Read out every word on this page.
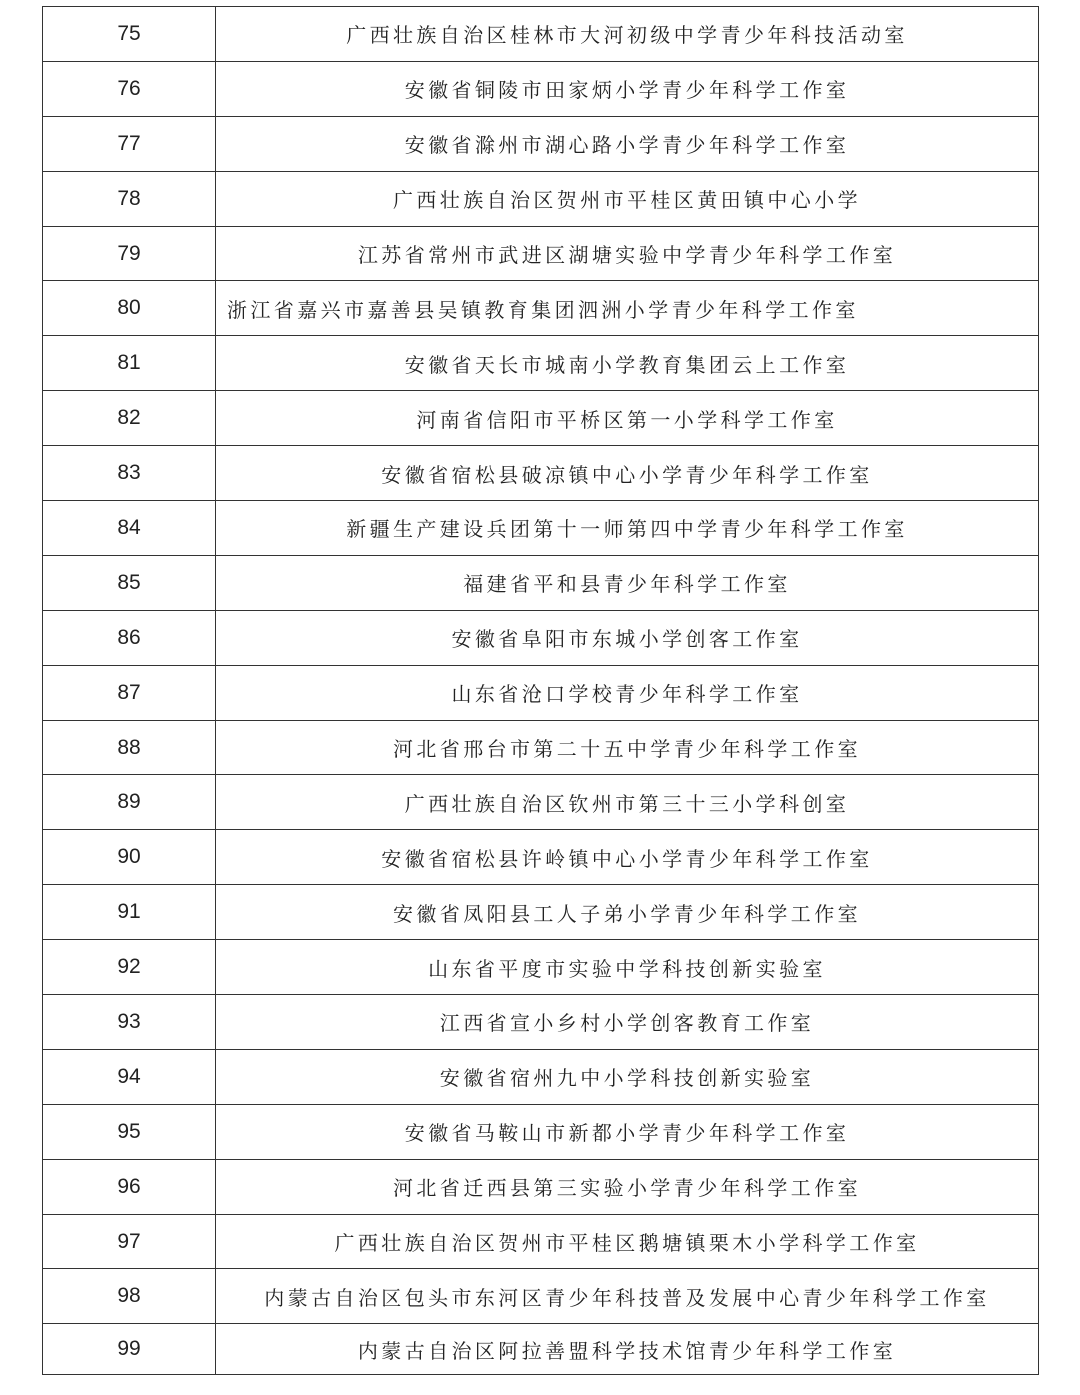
75	广西壮族自治区桂林市大河初级中学青少年科技活动室
76	安徽省铜陵市田家炳小学青少年科学工作室
77	安徽省滁州市湖心路小学青少年科学工作室
78	广西壮族自治区贺州市平桂区黄田镇中心小学
79	江苏省常州市武进区湖塘实验中学青少年科学工作室
80	浙江省嘉兴市嘉善县吴镇教育集团泗洲小学青少年科学工作室
81	安徽省天长市城南小学教育集团云上工作室
82	河南省信阳市平桥区第一小学科学工作室
83	安徽省宿松县破凉镇中心小学青少年科学工作室
84	新疆生产建设兵团第十一师第四中学青少年科学工作室
85	福建省平和县青少年科学工作室
86	安徽省阜阳市东城小学创客工作室
87	山东省沧口学校青少年科学工作室
88	河北省邢台市第二十五中学青少年科学工作室
89	广西壮族自治区钦州市第三十三小学科创室
90	安徽省宿松县许岭镇中心小学青少年科学工作室
91	安徽省凤阳县工人子弟小学青少年科学工作室
92	山东省平度市实验中学科技创新实验室
93	江西省宣小乡村小学创客教育工作室
94	安徽省宿州九中小学科技创新实验室
95	安徽省马鞍山市新都小学青少年科学工作室
96	河北省迁西县第三实验小学青少年科学工作室
97	广西壮族自治区贺州市平桂区鹅塘镇栗木小学科学工作室
98	内蒙古自治区包头市东河区青少年科技普及发展中心青少年科学工作室
99	内蒙古自治区阿拉善盟科学技术馆青少年科学工作室
